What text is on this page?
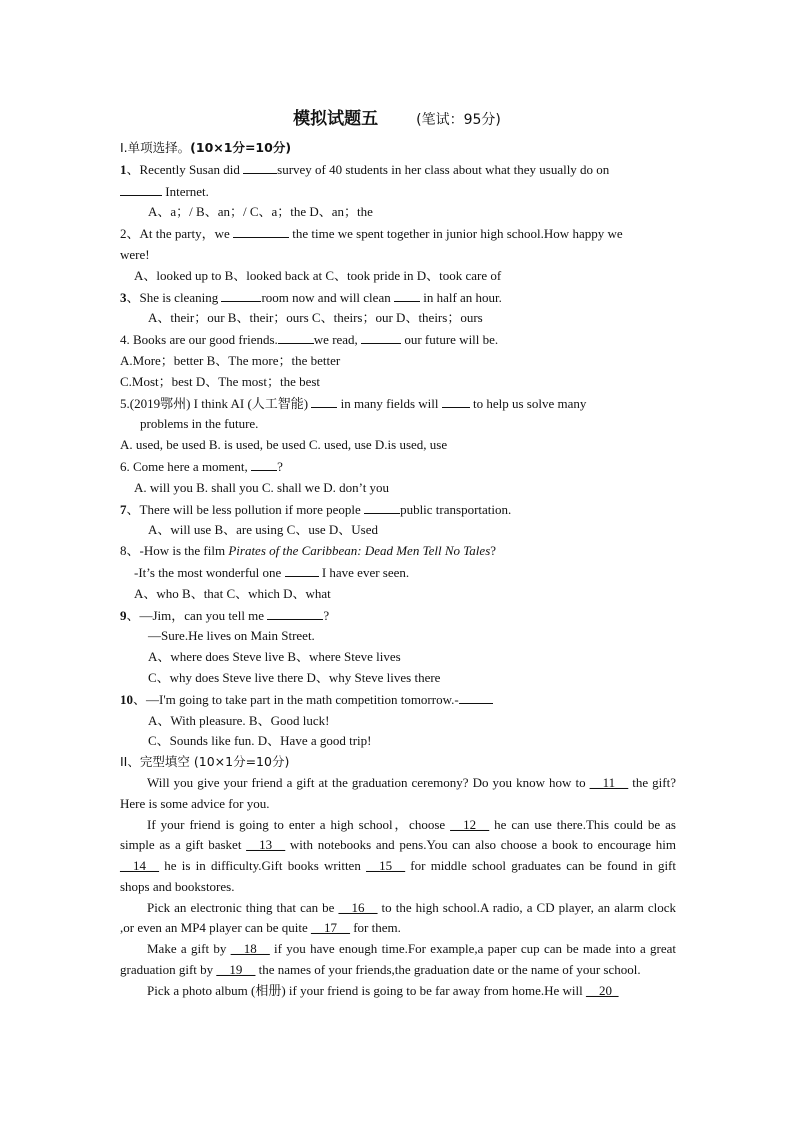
模拟试题五	(笔试：95分)

I.单项选择。(10×1分=10分)

1、Recently Susan did	survey of 40 students in her class about what they usually do on

Internet.

A、a；/ B、an；/ C、a；the D、an；the

2、At the party，we	the time we spent together in junior high school.How happy we

were!

A、looked up to B、looked back at C、took pride in D、took care of

3、She is cleaning	room now and will clean  in half an hour.

A、their；our B、their；ours C、theirs；our D、theirs；ours

4. Books are our good friends.	we read,	our future will be.

A.More；better B、The more；the better

C.Most；best D、The most；the best

5.(2019鄂州) I think AI (人工智能)  in many fields will  to help us solve many

problems in the future.

A. used, be used B. is used, be used C. used, use D.is used, use

6. Come here a moment, ?

A. will you B. shall you C. shall we D. don’t you

7、There will be less pollution if more people	public transportation.

A、will use B、are using C、use D、Used

8、-How is the film Pirates of the Caribbean: Dead Men Tell No Tales?

-It’s the most wonderful one	I have ever seen.

A、who B、that C、which D、what

9、—Jim，can you tell me	?

—Sure.He lives on Main Street.

A、where does Steve live B、where Steve lives

C、why does Steve live there D、why Steve lives there

10、—I'm going to take part in the math competition tomorrow.-

A、With pleasure. B、Good luck!

C、Sounds like fun. D、Have a good trip!

II、完型填空 (10×1分=10分)

Will you give your friend a gift at the graduation ceremony? Do you know how to __11__ the gift? Here is some advice for you.

If your friend is going to enter a high school，choose __12__ he can use there.This could be as simple as a gift basket __13__ with notebooks and pens.You can also choose a book to encourage him __14__ he is in difficulty.Gift books written __15__ for middle school graduates can be found in gift shops and bookstores.

Pick an electronic thing that can be __16__ to the high school.A radio, a CD player, an alarm clock ,or even an MP4 player can be quite __17__ for them.

Make a gift by __18__ if you have enough time.For example,a paper cup can be made into a great graduation gift by __19__ the names of your friends,the graduation date or the name of your school.

Pick a photo album (相册) if your friend is going to be far away from home.He will __20_
